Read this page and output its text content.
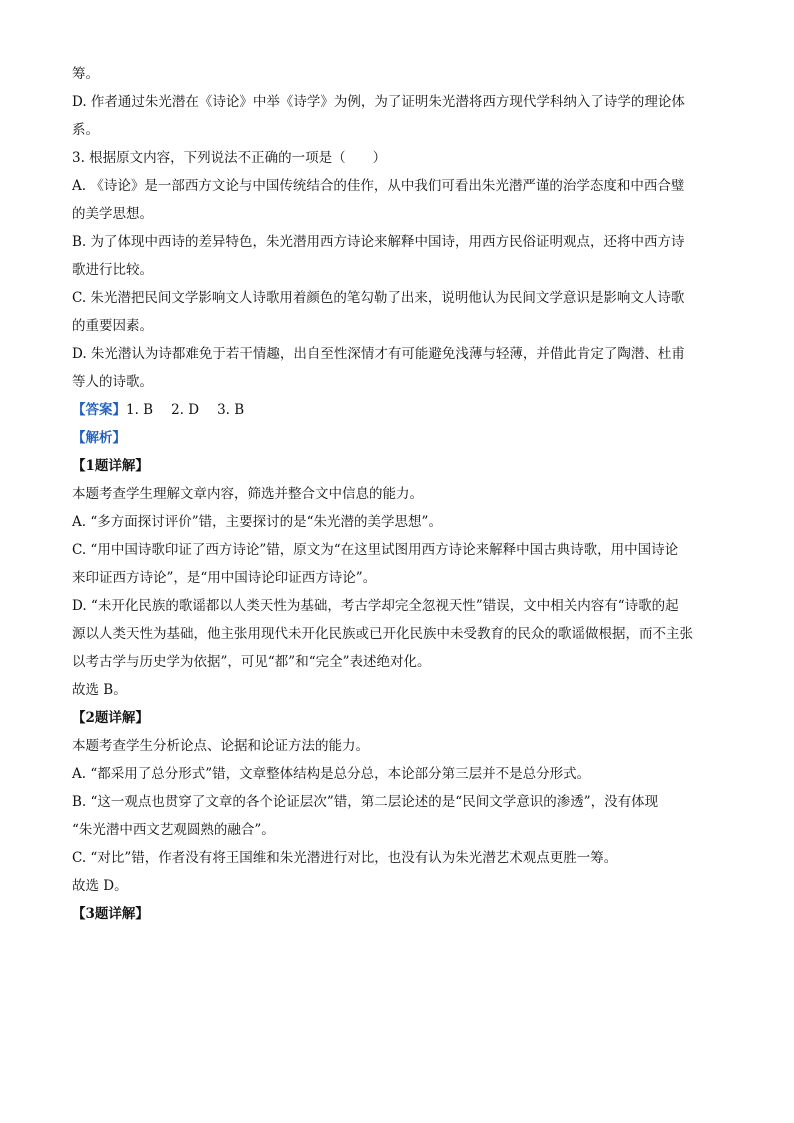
筹。
D. 作者通过朱光潜在《诗论》中举《诗学》为例，为了证明朱光潜将西方现代学科纳入了诗学的理论体
系。
3. 根据原文内容，下列说法不正确的一项是（　　）
A. 《诗论》是一部西方文论与中国传统结合的佳作，从中我们可看出朱光潜严谨的治学态度和中西合璧
的美学思想。
B. 为了体现中西诗的差异特色，朱光潜用西方诗论来解释中国诗，用西方民俗证明观点，还将中西方诗
歌进行比较。
C. 朱光潜把民间文学影响文人诗歌用着颜色的笔勾勒了出来，说明他认为民间文学意识是影响文人诗歌
的重要因素。
D. 朱光潜认为诗都难免于若干情趣，出自至性深情才有可能避免浅薄与轻薄，并借此肯定了陶潜、杜甫
等人的诗歌。
【答案】1. B 2. D 3. B
【解析】
【1题详解】
本题考查学生理解文章内容，筛选并整合文中信息的能力。
A. “多方面探讨评价”错，主要探讨的是“朱光潜的美学思想”。
C. “用中国诗歌印证了西方诗论”错，原文为“在这里试图用西方诗论来解释中国古典诗歌，用中国诗论
来印证西方诗论”，是“用中国诗论印证西方诗论”。
D. “未开化民族的歌谣都以人类天性为基础，考古学却完全忽视天性”错误，文中相关内容有“诗歌的起
源以人类天性为基础，他主张用现代未开化民族或已开化民族中未受教育的民众的歌谣做根据，而不主张
以考古学与历史学为依据”，可见“都”和“完全”表述绝对化。
故选 B。
【2题详解】
本题考查学生分析论点、论据和论证方法的能力。
A. “都采用了总分形式”错，文章整体结构是总分总，本论部分第三层并不是总分形式。
B. “这一观点也贯穿了文章的各个论证层次”错，第二层论述的是“民间文学意识的渗透”，没有体现
“朱光潜中西文艺观圆熟的融合”。
C. “对比”错，作者没有将王国维和朱光潜进行对比，也没有认为朱光潜艺术观点更胜一筹。
故选 D。
【3题详解】
